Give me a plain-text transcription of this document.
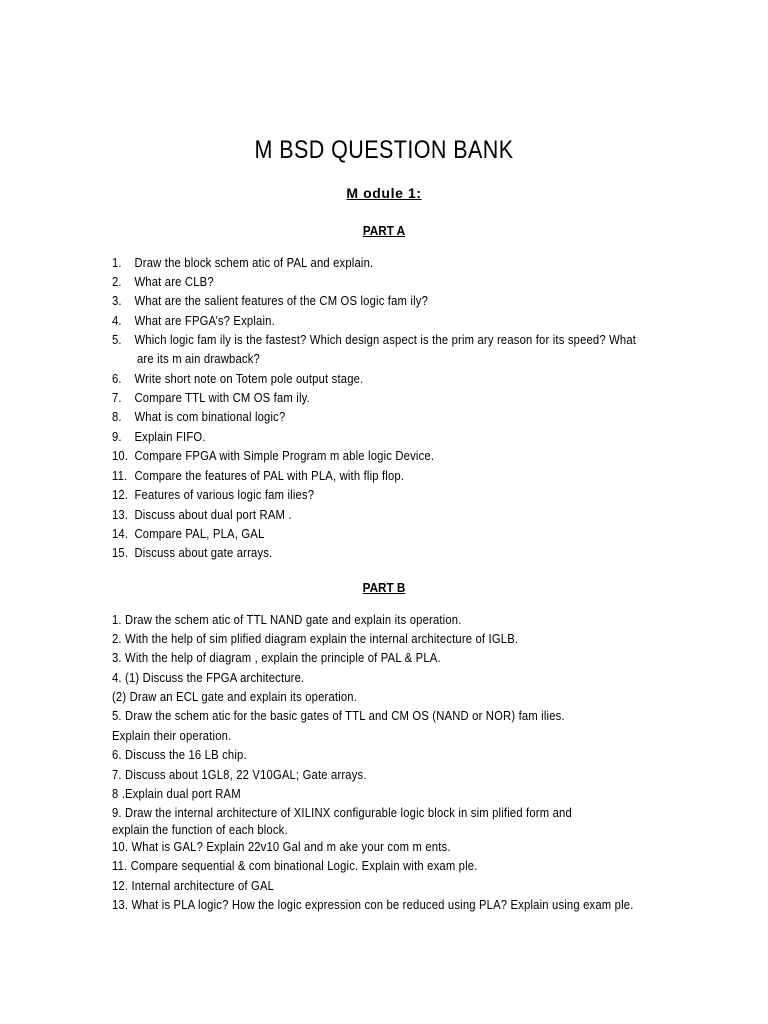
M BSD QUESTION BANK
M odule 1:
PART A
1. Draw the block schem atic of PAL and explain.
2. What are CLB?
3. What are the salient features of the CM OS logic fam ily?
4. What are FPGA’s? Explain.
5. Which logic fam ily is the fastest? Which design aspect is the prim ary reason for its speed? What
are its m ain drawback?
6. Write short note on Totem pole output stage.
7. Compare TTL with CM OS fam ily.
8. What is com binational logic?
9. Explain FIFO.
10. Compare FPGA with Simple Program m able logic Device.
11. Compare the features of PAL with PLA, with flip flop.
12. Features of various logic fam ilies?
13. Discuss about dual port RAM .
14. Compare PAL, PLA, GAL
15. Discuss about gate arrays.
PART B
1. Draw the schem atic of TTL NAND gate and explain its operation.
2. With the help of sim plified diagram explain the internal architecture of IGLB.
3. With the help of diagram , explain the principle of PAL & PLA.
4. (1) Discuss the FPGA architecture.
(2) Draw an ECL gate and explain its operation.
5. Draw the schem atic for the basic gates of TTL and CM OS (NAND or NOR) fam ilies.
Explain their operation.
6. Discuss the 16 LB chip.
7. Discuss about 1GL8, 22 V10GAL; Gate arrays.
8 .Explain dual port RAM
9. Draw the internal architecture of XILINX configurable logic block in sim plified form and
explain the function of each block.
10. What is GAL? Explain 22v10 Gal and m ake your com m ents.
11. Compare sequential & com binational Logic. Explain with exam ple.
12. Internal architecture of GAL
13. What is PLA logic? How the logic expression con be reduced using PLA? Explain using exam ple.
